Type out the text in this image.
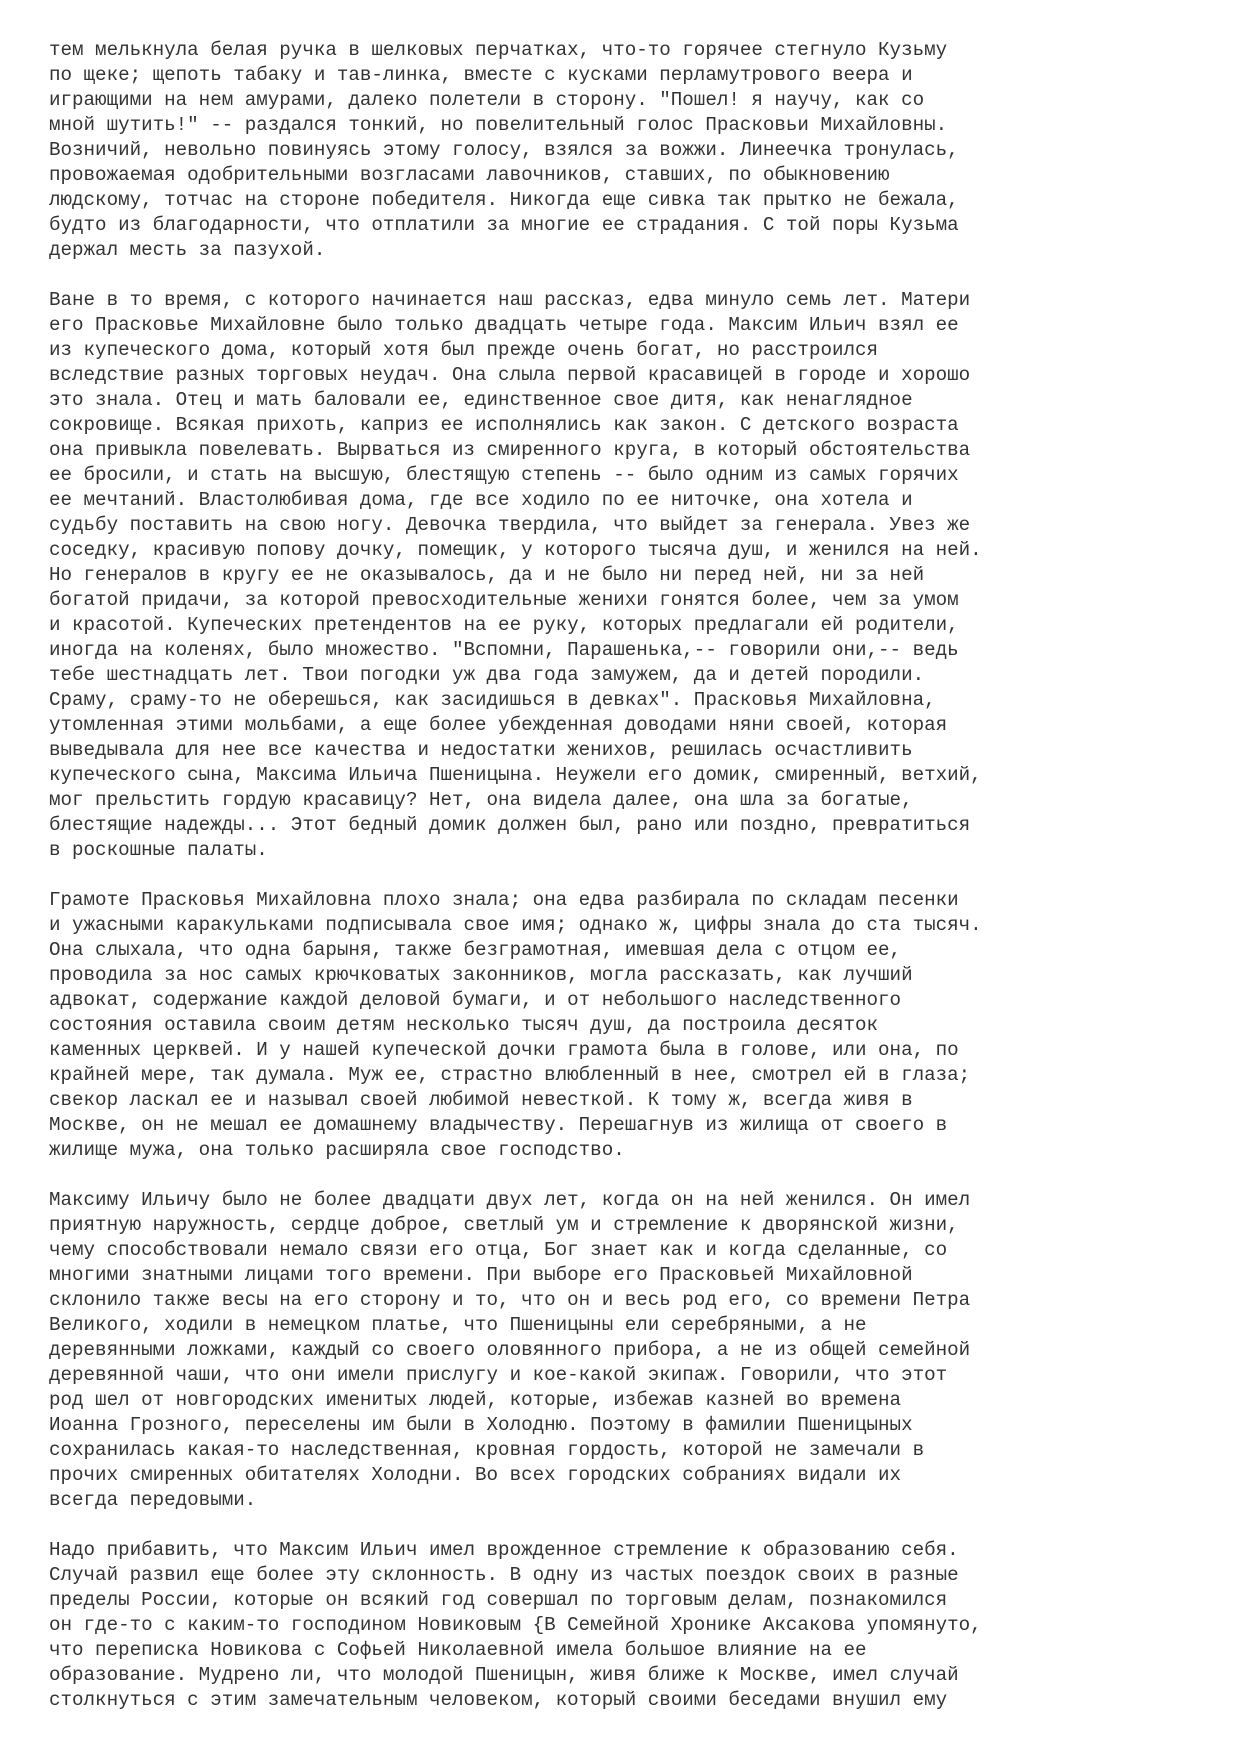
тем мелькнула белая ручка в шелковых перчатках, что-то горячее стегнуло Кузьму
по щеке; щепоть табаку и тав-линка, вместе с кусками перламутрового веера и
играющими на нем амурами, далеко полетели в сторону. "Пошел! я научу, как со
мной шутить!" -- раздался тонкий, но повелительный голос Прасковьи Михайловны.
Возничий, невольно повинуясь этому голосу, взялся за вожжи. Линеечка тронулась,
провожаемая одобрительными возгласами лавочников, ставших, по обыкновению
людскому, тотчас на стороне победителя. Никогда еще сивка так прытко не бежала,
будто из благодарности, что отплатили за многие ее страдания. С той поры Кузьма
держал месть за пазухой.
Ване в то время, с которого начинается наш рассказ, едва минуло семь лет. Матери
его Прасковье Михайловне было только двадцать четыре года. Максим Ильич взял ее
из купеческого дома, который хотя был прежде очень богат, но расстроился
вследствие разных торговых неудач. Она слыла первой красавицей в городе и хорошо
это знала. Отец и мать баловали ее, единственное свое дитя, как ненаглядное
сокровище. Всякая прихоть, каприз ее исполнялись как закон. С детского возраста
она привыкла повелевать. Вырваться из смиренного круга, в который обстоятельства
ее бросили, и стать на высшую, блестящую степень -- было одним из самых горячих
ее мечтаний. Властолюбивая дома, где все ходило по ее ниточке, она хотела и
судьбу поставить на свою ногу. Девочка твердила, что выйдет за генерала. Увез же
соседку, красивую попову дочку, помещик, у которого тысяча душ, и женился на ней.
Но генералов в кругу ее не оказывалось, да и не было ни перед ней, ни за ней
богатой придачи, за которой превосходительные женихи гонятся более, чем за умом
и красотой. Купеческих претендентов на ее руку, которых предлагали ей родители,
иногда на коленях, было множество. "Вспомни, Парашенька,-- говорили они,-- ведь
тебе шестнадцать лет. Твои погодки уж два года замужем, да и детей породили.
Сраму, сраму-то не оберешься, как засидишься в девках". Прасковья Михайловна,
утомленная этими мольбами, а еще более убежденная доводами няни своей, которая
выведывала для нее все качества и недостатки женихов, решилась осчастливить
купеческого сына, Максима Ильича Пшеницына. Неужели его домик, смиренный, ветхий,
мог прельстить гордую красавицу? Нет, она видела далее, она шла за богатые,
блестящие надежды... Этот бедный домик должен был, рано или поздно, превратиться
в роскошные палаты.
Грамоте Прасковья Михайловна плохо знала; она едва разбирала по складам песенки
и ужасными каракульками подписывала свое имя; однако ж, цифры знала до ста тысяч.
Она слыхала, что одна барыня, также безграмотная, имевшая дела с отцом ее,
проводила за нос самых крючковатых законников, могла рассказать, как лучший
адвокат, содержание каждой деловой бумаги, и от небольшого наследственного
состояния оставила своим детям несколько тысяч душ, да построила десяток
каменных церквей. И у нашей купеческой дочки грамота была в голове, или она, по
крайней мере, так думала. Муж ее, страстно влюбленный в нее, смотрел ей в глаза;
свекор ласкал ее и называл своей любимой невесткой. К тому ж, всегда живя в
Москве, он не мешал ее домашнему владычеству. Перешагнув из жилища от своего в
жилище мужа, она только расширяла свое господство.
Максиму Ильичу было не более двадцати двух лет, когда он на ней женился. Он имел
приятную наружность, сердце доброе, светлый ум и стремление к дворянской жизни,
чему способствовали немало связи его отца, Бог знает как и когда сделанные, со
многими знатными лицами того времени. При выборе его Прасковьей Михайловной
склонило также весы на его сторону и то, что он и весь род его, со времени Петра
Великого, ходили в немецком платье, что Пшеницыны ели серебряными, а не
деревянными ложками, каждый со своего оловянного прибора, а не из общей семейной
деревянной чаши, что они имели прислугу и кое-какой экипаж. Говорили, что этот
род шел от новгородских именитых людей, которые, избежав казней во времена
Иоанна Грозного, переселены им были в Холодню. Поэтому в фамилии Пшеницыных
сохранилась какая-то наследственная, кровная гордость, которой не замечали в
прочих смиренных обитателях Холодни. Во всех городских собраниях видали их
всегда передовыми.
Надо прибавить, что Максим Ильич имел врожденное стремление к образованию себя.
Случай развил еще более эту склонность. В одну из частых поездок своих в разные
пределы России, которые он всякий год совершал по торговым делам, познакомился
он где-то с каким-то господином Новиковым {В Семейной Хронике Аксакова упомянуто,
что переписка Новикова с Софьей Николаевной имела большое влияние на ее
образование. Мудрено ли, что молодой Пшеницын, живя ближе к Москве, имел случай
столкнуться с этим замечательным человеком, который своими беседами внушил ему
